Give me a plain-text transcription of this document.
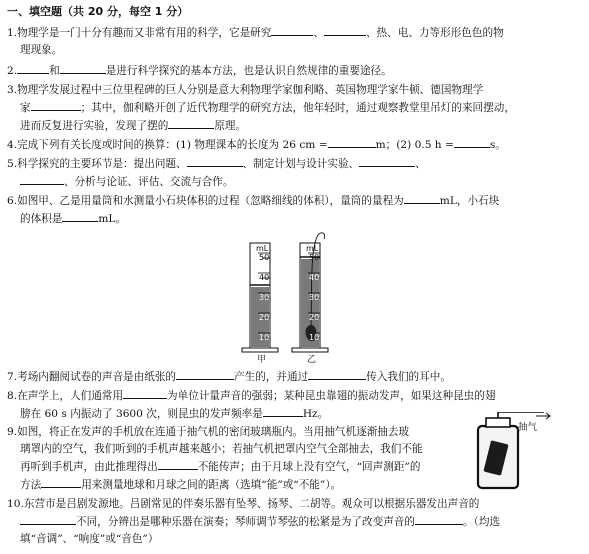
一、填空题（共 20 分，每空 1 分）
1.物理学是一门十分有趣而又非常有用的科学，它是研究	、	、热、电、力等形形色色的物
理现象。
2.	和	是进行科学探究的基本方法，也是认识自然规律的重要途径。
3.物理学发展过程中三位里程碑的巨人分别是意大利物理学家伽利略、英国物理学家牛顿、德国物理学
家	；其中，伽利略开创了近代物理学的研究方法，他年轻时，通过观察教堂里吊灯的来回摆动，
进而反复进行实验，发现了摆的	原理。
4.完成下列有关长度或时间的换算：(1) 物理课本的长度为 26 cm =	m；(2) 0.5 h =	s。
5.科学探究的主要环节是：提出问题、	、制定计划与设计实验、	、
、分析与论证、评估、交流与合作。
6.如图甲、乙是用量筒和水测量小石块体积的过程（忽略细线的体积），量筒的量程为	mL，小石块
的体积是	mL。
mL	mL
50
40
30
20
10
50
40
30
20
10
甲	乙
7.考场内翻阅试卷的声音是由纸张的	产生的，并通过	传入我们的耳中。
8.在声学上，人们通常用	为单位计量声音的强弱；某种昆虫靠翅的振动发声，如果这种昆虫的翅
膀在 60 s 内振动了 3600 次，则昆虫的发声频率是	Hz。
9.如图，将正在发声的手机放在连通于抽气机的密闭玻璃瓶内。当用抽气机逐渐抽去玻
璃罩内的空气，我们听到的手机声越来越小；若抽气机把罩内空气全部抽去，我们不能
再听到手机声，由此推理得出	不能传声；由于月球上没有空气，“回声测距”的
方法	用来测量地球和月球之间的距离（选填“能”或“不能”）。
抽气
10.东营市是吕剧发源地。吕剧常见的伴奏乐器有坠琴、扬琴、二胡等。观众可以根据乐器发出声音的
不同，分辨出是哪种乐器在演奏；琴师调节琴弦的松紧是为了改变声音的	。（均选
填“音调”、“响度”或“音色”）
